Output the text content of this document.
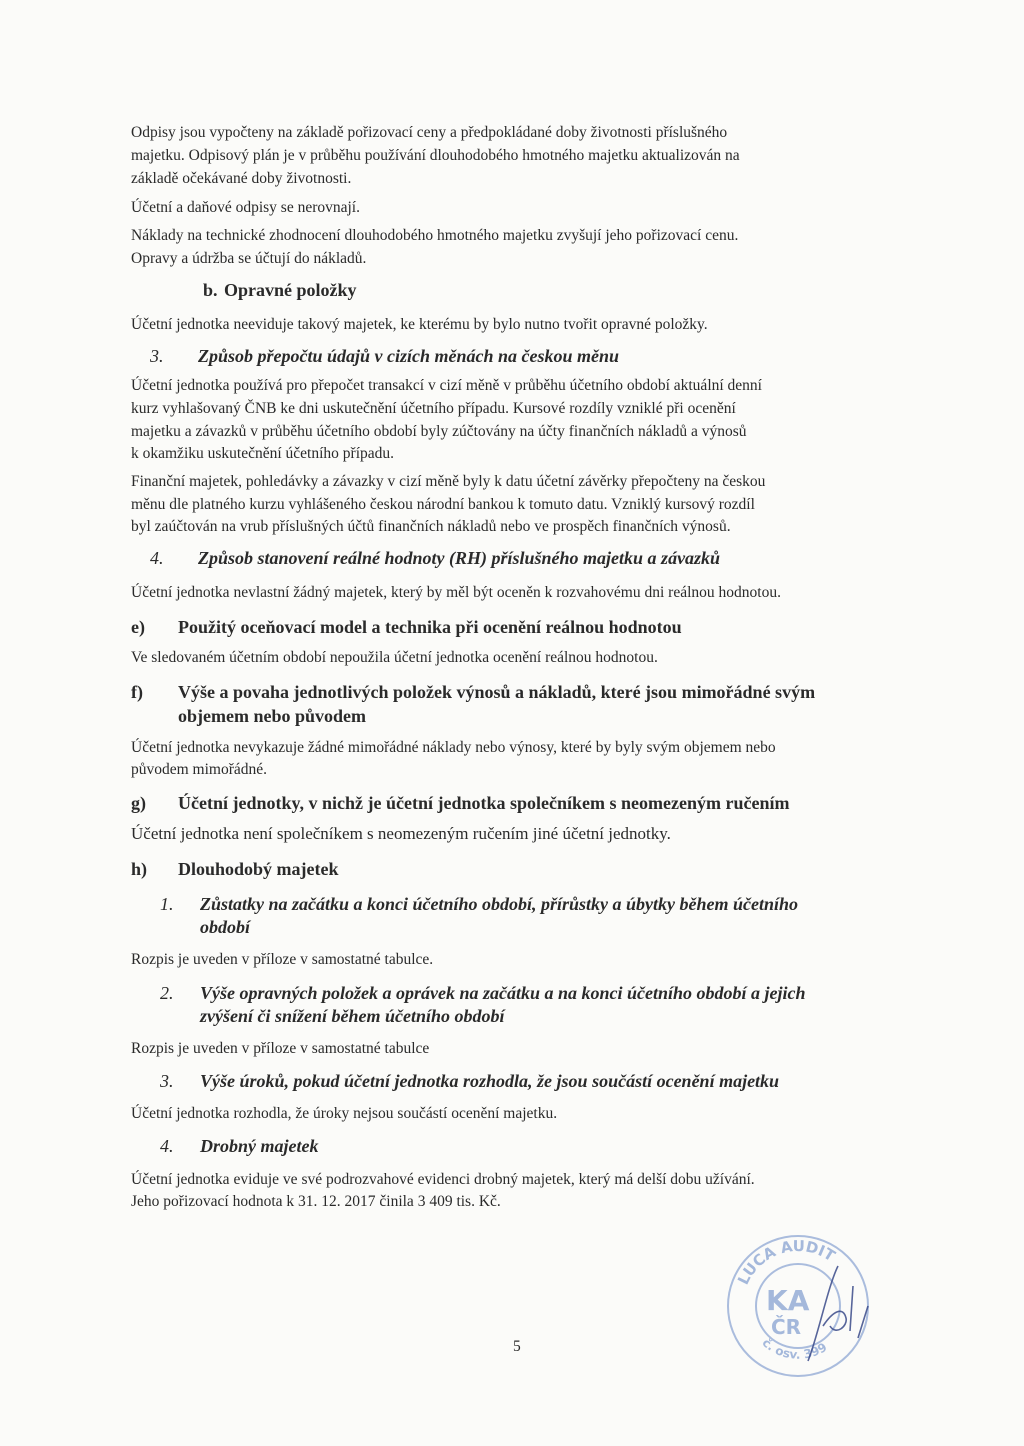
Odpisy jsou vypočteny na základě pořizovací ceny a předpokládané doby životnosti příslušného

majetku. Odpisový plán je v průběhu používání dlouhodobého hmotného majetku aktualizován na

základě očekávané doby životnosti.

Účetní a daňové odpisy se nerovnají.

Náklady na technické zhodnocení dlouhodobého hmotného majetku zvyšují jeho pořizovací cenu.

Opravy a údržba se účtují do nákladů.

b. Opravné položky

Účetní jednotka neeviduje takový majetek, ke kterému by bylo nutno tvořit opravné položky.

3. Způsob přepočtu údajů v cizích měnách na českou měnu

Účetní jednotka používá pro přepočet transakcí v cizí měně v průběhu účetního období aktuální denní

kurz vyhlašovaný ČNB ke dni uskutečnění účetního případu. Kursové rozdíly vzniklé při ocenění

majetku a závazků v průběhu účetního období byly zúčtovány na účty finančních nákladů a výnosů

k okamžiku uskutečnění účetního případu.

Finanční majetek, pohledávky a závazky v cizí měně byly k datu účetní závěrky přepočteny na českou

měnu dle platného kurzu vyhlášeného českou národní bankou k tomuto datu. Vzniklý kursový rozdíl

byl zaúčtován na vrub příslušných účtů finančních nákladů nebo ve prospěch finančních výnosů.

4. Způsob stanovení reálné hodnoty (RH) příslušného majetku a závazků

Účetní jednotka nevlastní žádný majetek, který by měl být oceněn k rozvahovému dni reálnou hodnotou.

e) Použitý oceňovací model a technika při ocenění reálnou hodnotou

Ve sledovaném účetním období nepoužila účetní jednotka ocenění reálnou hodnotou.

f) Výše a povaha jednotlivých položek výnosů a nákladů, které jsou mimořádné svým
objemem nebo původem

Účetní jednotka nevykazuje žádné mimořádné náklady nebo výnosy, které by byly svým objemem nebo

původem mimořádné.

g) Účetní jednotky, v nichž je účetní jednotka společníkem s neomezeným ručením

Účetní jednotka není společníkem s neomezeným ručením jiné účetní jednotky.

h) Dlouhodobý majetek
1. Zůstatky na začátku a konci účetního období, přírůstky a úbytky během účetního
období

Rozpis je uveden v příloze v samostatné tabulce.

2. Výše opravných položek a oprávek na začátku a na konci účetního období a jejich
zvýšení či snížení během účetního období

Rozpis je uveden v příloze v samostatné tabulce

3. Výše úroků, pokud účetní jednotka rozhodla, že jsou součástí ocenění majetku

Účetní jednotka rozhodla, že úroky nejsou součástí ocenění majetku.

4. Drobný majetek

Účetní jednotka eviduje ve své podrozvahové evidenci drobný majetek, který má delší dobu užívání.

Jeho pořizovací hodnota k 31. 12. 2017 činila 3 409 tis. Kč.

LUCA AUDIT
KA
ČR
č. osv. 399
5
